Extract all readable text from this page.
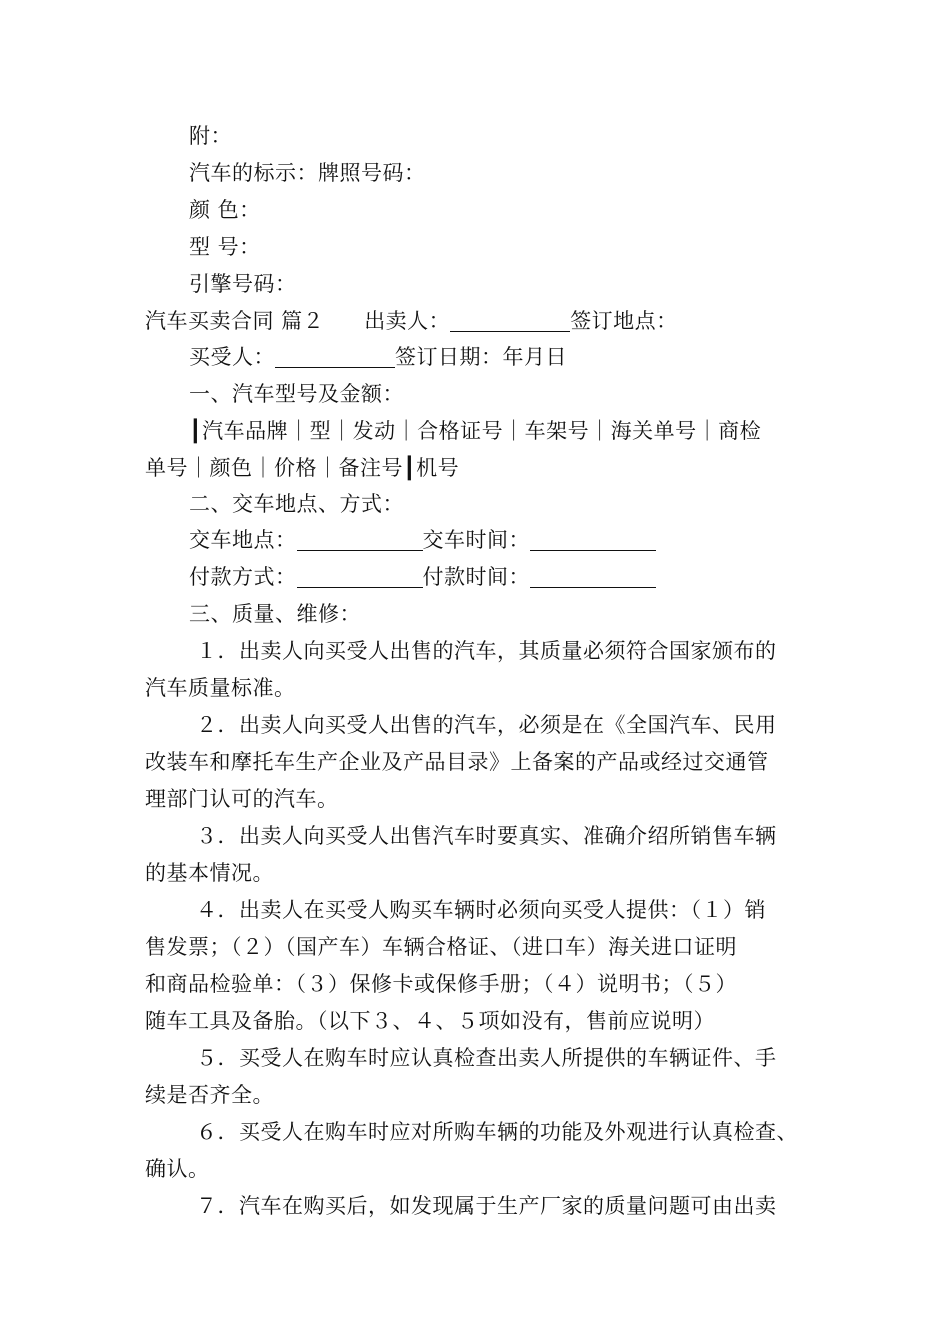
附：
汽车的标示：牌照号码：
颜 色：
型 号：
引擎号码：
汽车买卖合同 篇２ 出卖人：	签订地点：
买受人：	签订日期：年月日
一、汽车型号及金额：
┃汽车品牌｜型｜发动｜合格证号｜车架号｜海关单号｜商检
单号｜颜色｜价格｜备注号┃机号
二、交车地点、方式：
交车地点：	交车时间：
付款方式：	付款时间：
三、质量、维修：
１．出卖人向买受人出售的汽车，其质量必须符合国家颁布的
汽车质量标准。
２．出卖人向买受人出售的汽车，必须是在《全国汽车、民用
改装车和摩托车生产企业及产品目录》上备案的产品或经过交通管
理部门认可的汽车。
３．出卖人向买受人出售汽车时要真实、准确介绍所销售车辆
的基本情况。
４．出卖人在买受人购买车辆时必须向买受人提供：（１）销
售发票；（２）（国产车）车辆合格证、（进口车）海关进口证明
和商品检验单：（３）保修卡或保修手册；（４）说明书；（５）
随车工具及备胎。（以下３、４、５项如没有，售前应说明）
５．买受人在购车时应认真检查出卖人所提供的车辆证件、手
续是否齐全。
６．买受人在购车时应对所购车辆的功能及外观进行认真检查、
确认。
７．汽车在购买后，如发现属于生产厂家的质量问题可由出卖
